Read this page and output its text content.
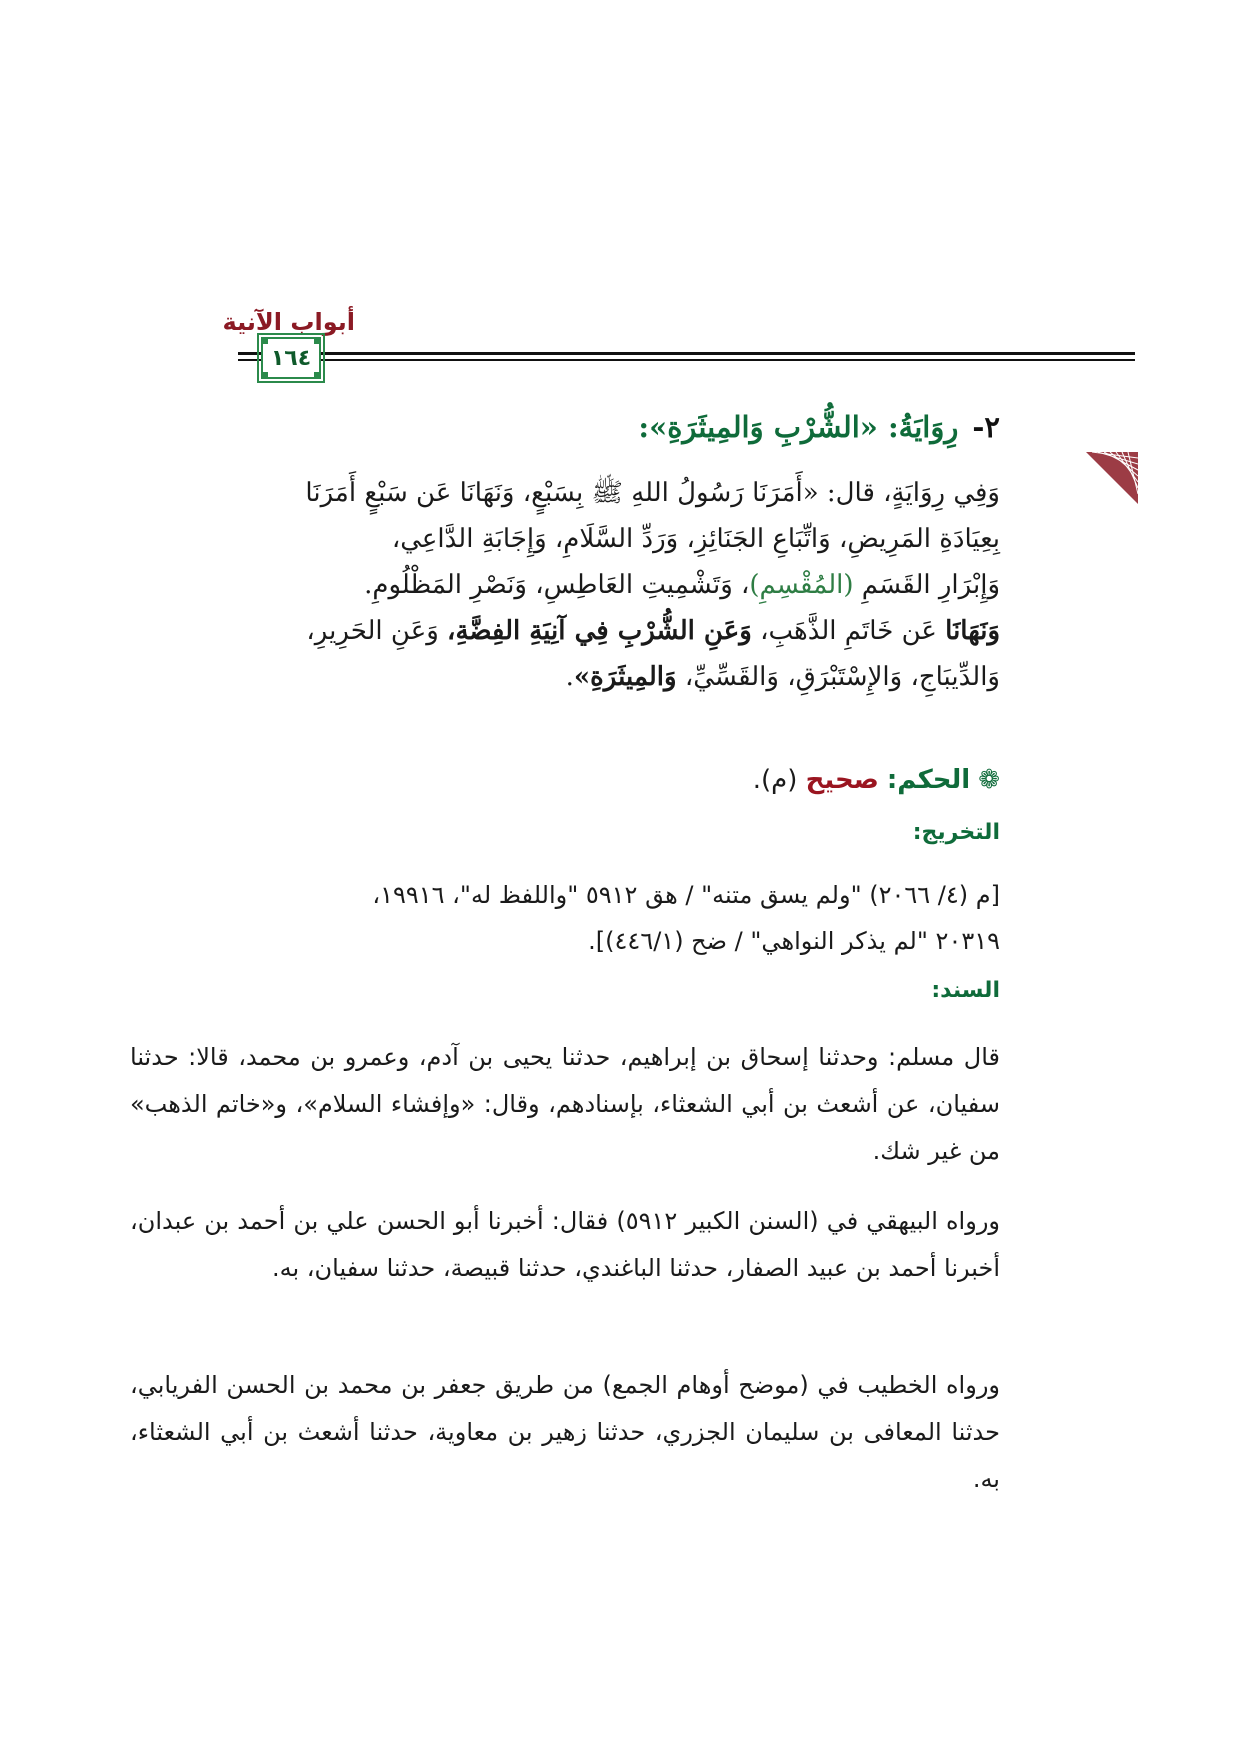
أبواب الآنية
١٦٤
٢-رِوَايَةُ: «الشُّرْبِ وَالمِيثَرَةِ»:

وَفِي رِوَايَةٍ، قال: «أَمَرَنَا رَسُولُ اللهِ ﷺ بِسَبْعٍ، وَنَهَانَا عَن سَبْعٍ أَمَرَنَا

بِعِيَادَةِ المَرِيضِ، وَاتِّبَاعِ الجَنَائِزِ، وَرَدِّ السَّلَامِ، وَإِجَابَةِ الدَّاعِي،

وَإِبْرَارِ القَسَمِ (المُقْسِمِ)، وَتَشْمِيتِ العَاطِسِ، وَنَصْرِ المَظْلُومِ.

وَنَهَانَا عَن خَاتَمِ الذَّهَبِ، وَعَنِ الشُّرْبِ فِي آنِيَةِ الفِضَّةِ، وَعَنِ الحَرِيرِ،

وَالدِّيبَاجِ، وَالإِسْتَبْرَقِ، وَالقَسِّيِّ، وَالمِيثَرَةِ».

❁الحكم:صحيح (م).
التخريج:
[م (٤/ ٢٠٦٦) "ولم يسق متنه" / هق ٥٩١٢ "واللفظ له"، ١٩٩١٦،
٢٠٣١٩ "لم يذكر النواهي" / ضح (٤٤٦/١)].
السند:
قال مسلم: وحدثنا إسحاق بن إبراهيم، حدثنا يحيى بن آدم، وعمرو بن محمد، قالا: حدثنا سفيان، عن أشعث بن أبي الشعثاء، بإسنادهم، وقال: «وإفشاء السلام»، و«خاتم الذهب» من غير شك.
ورواه البيهقي في (السنن الكبير ٥٩١٢) فقال: أخبرنا أبو الحسن علي بن أحمد بن عبدان، أخبرنا أحمد بن عبيد الصفار، حدثنا الباغندي، حدثنا قبيصة، حدثنا سفيان، به.
ورواه الخطيب في (موضح أوهام الجمع) من طريق جعفر بن محمد بن الحسن الفريابي، حدثنا المعافى بن سليمان الجزري، حدثنا زهير بن معاوية، حدثنا أشعث بن أبي الشعثاء، به.
